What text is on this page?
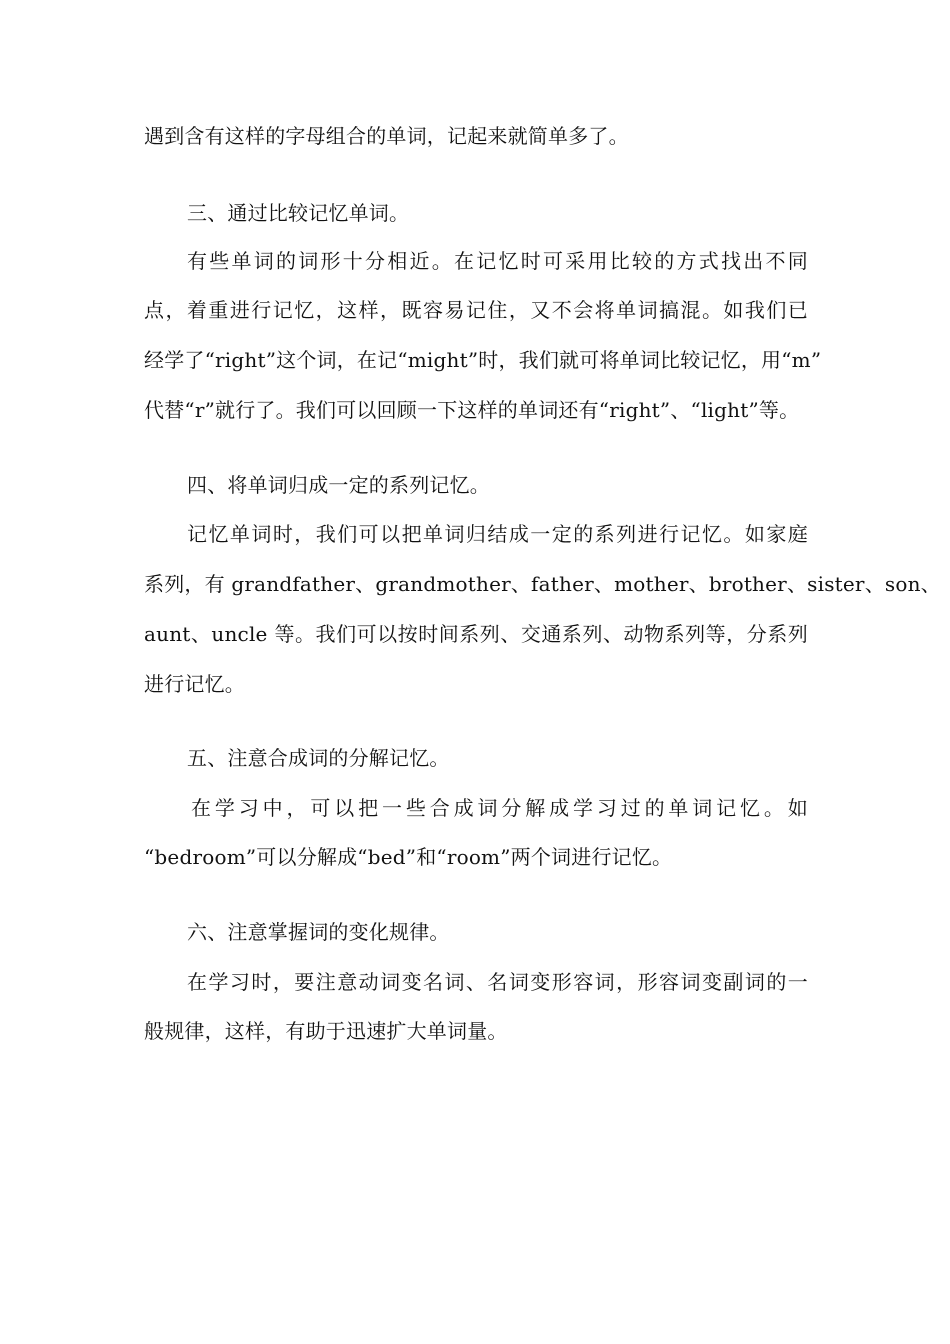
遇到含有这样的字母组合的单词，记起来就简单多了。
三、通过比较记忆单词。
有些单词的词形十分相近。在记忆时可采用比较的方式找出不同
点，着重进行记忆，这样，既容易记住，又不会将单词搞混。如我们已
经学了“right”这个词，在记“might”时，我们就可将单词比较记忆，用“m”
代替“r”就行了。我们可以回顾一下这样的单词还有“right”、“light”等。
四、将单词归成一定的系列记忆。
记忆单词时，我们可以把单词归结成一定的系列进行记忆。如家庭
系列，有 grandfather、grandmother、father、mother、brother、sister、son、
aunt、uncle 等。我们可以按时间系列、交通系列、动物系列等，分系列
进行记忆。
五、注意合成词的分解记忆。
在学习中，可以把一些合成词分解成学习过的单词记忆。如
“bedroom”可以分解成“bed”和“room”两个词进行记忆。
六、注意掌握词的变化规律。
在学习时，要注意动词变名词、名词变形容词，形容词变副词的一
般规律，这样，有助于迅速扩大单词量。
